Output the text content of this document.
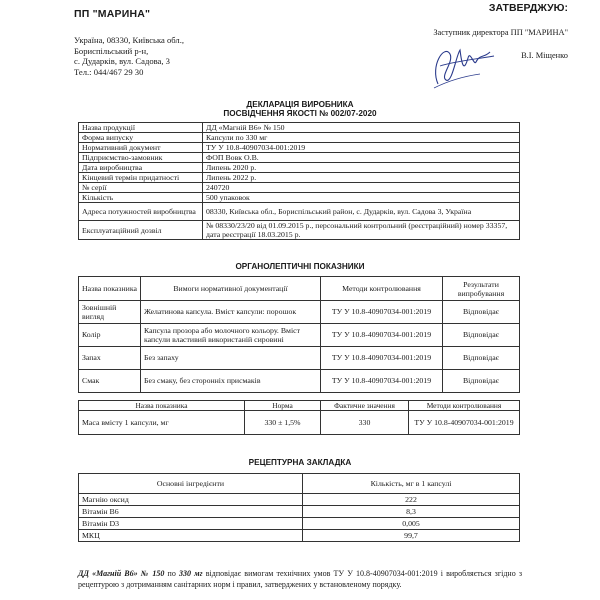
ПП "МАРИНА"
Україна, 08330, Київська обл.,
Бориспільський р-н,
с. Дударків, вул. Садова, 3
Тел.: 044/467 29 30
ЗАТВЕРДЖУЮ:
Заступник директора ПП "МАРИНА"
В.І. Міщенко
ДЕКЛАРАЦІЯ ВИРОБНИКА
ПОСВІДЧЕННЯ ЯКОСТІ № 002/07-2020
Назва продукції	ДД «Магній B6» № 150
Форма випуску	Капсули по 330 мг
Нормативний документ	ТУ У 10.8-40907034-001:2019
Підприємство-замовник	ФОП Вовк О.В.
Дата виробництва	Липень 2020 р.
Кінцевий термін придатності	Липень 2022 р.
№ серії	240720
Кількість	500 упаковок
Адреса потужностей виробництва	08330, Київська обл., Бориспільський район, с. Дударків, вул. Садова 3, Україна
Експлуатаційний дозвіл	№ 08330/23/20 від 01.09.2015 р., персональний контрольний (реєстраційний) номер 33357, дата реєстрації 18.03.2015 р.
ОРГАНОЛЕПТИЧНІ ПОКАЗНИКИ
Назва показника	Вимоги нормативної документації	Методи контролювання	Результати випробування
Зовнішній вигляд	Желатинова капсула. Вміст капсули: порошок	ТУ У 10.8-40907034-001:2019	Відповідає
Колір	Капсула прозора або молочного кольору. Вміст капсули властивий використаній сировині	ТУ У 10.8-40907034-001:2019	Відповідає
Запах	Без запаху	ТУ У 10.8-40907034-001:2019	Відповідає
Смак	Без смаку, без сторонніх присмаків	ТУ У 10.8-40907034-001:2019	Відповідає
Назва показника	Норма	Фактичне значення	Методи контролювання
Маса вмісту 1 капсули, мг	330 ± 1,5%	330	ТУ У 10.8-40907034-001:2019
РЕЦЕПТУРНА ЗАКЛАДКА
Основні інгредієнти	Кількість, мг в 1 капсулі
Магнію оксид	222
Вітамін В6	8,3
Вітамін D3	0,005
МКЦ	99,7
ДД «Магній B6» № 150 по 330 мг відповідає вимогам технічних умов ТУ У 10.8-40907034-001:2019 і виробляється згідно з рецептурою з дотриманням санітарних норм і правил, затверджених у встановленому порядку.
